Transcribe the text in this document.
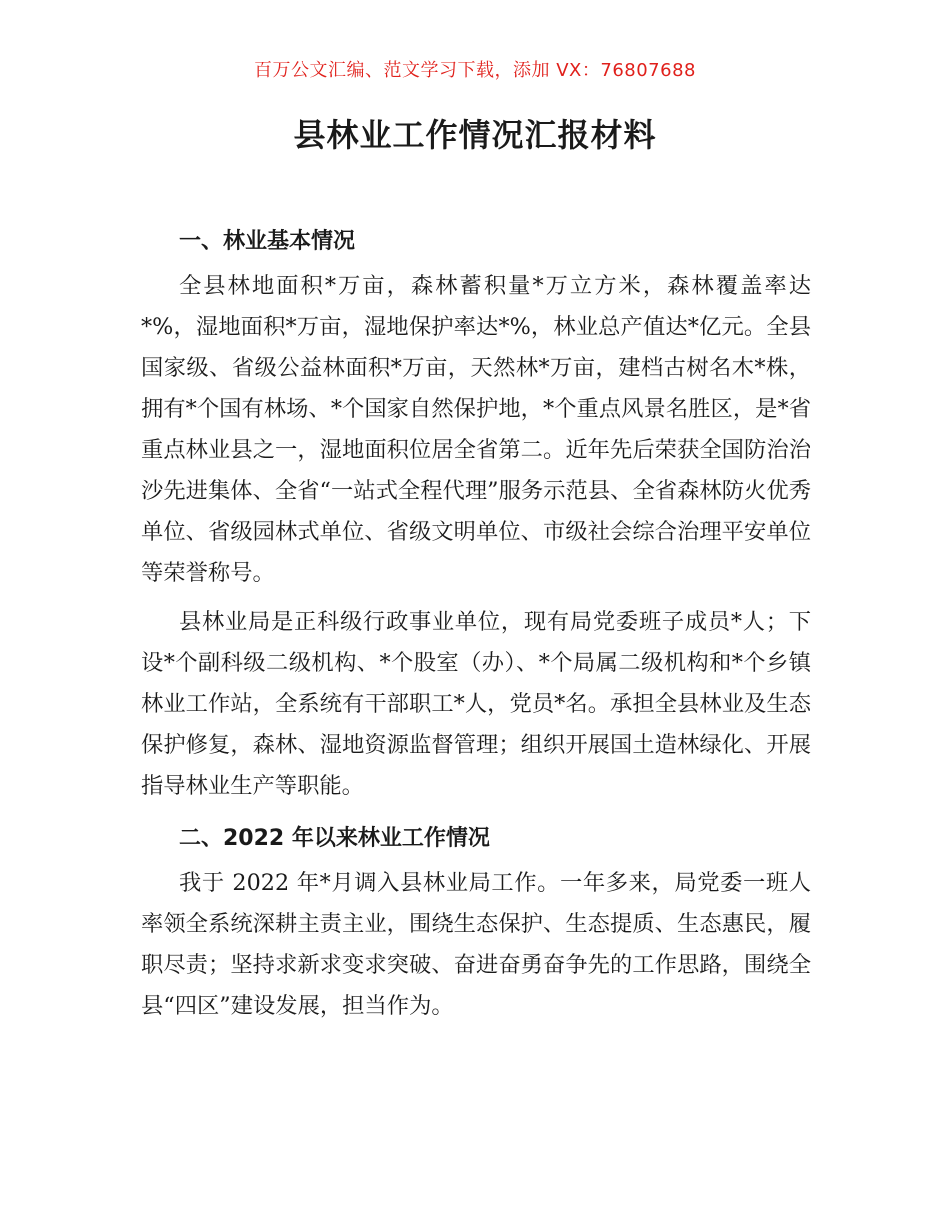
百万公文汇编、范文学习下载，添加 VX：76807688
县林业工作情况汇报材料
一、林业基本情况

全县林地面积*万亩，森林蓄积量*万立方米，森林覆盖率达*%，湿地面积*万亩，湿地保护率达*%，林业总产值达*亿元。全县国家级、省级公益林面积*万亩，天然林*万亩，建档古树名木*株，拥有*个国有林场、*个国家自然保护地，*个重点风景名胜区，是*省重点林业县之一，湿地面积位居全省第二。近年先后荣获全国防治治沙先进集体、全省“一站式全程代理”服务示范县、全省森林防火优秀单位、省级园林式单位、省级文明单位、市级社会综合治理平安单位等荣誉称号。

县林业局是正科级行政事业单位，现有局党委班子成员*人；下设*个副科级二级机构、*个股室（办）、*个局属二级机构和*个乡镇林业工作站，全系统有干部职工*人，党员*名。承担全县林业及生态保护修复，森林、湿地资源监督管理；组织开展国土造林绿化、开展指导林业生产等职能。

二、2022 年以来林业工作情况

我于 2022 年*月调入县林业局工作。一年多来，局党委一班人率领全系统深耕主责主业，围绕生态保护、生态提质、生态惠民，履职尽责；坚持求新求变求突破、奋进奋勇奋争先的工作思路，围绕全县“四区”建设发展，担当作为。
